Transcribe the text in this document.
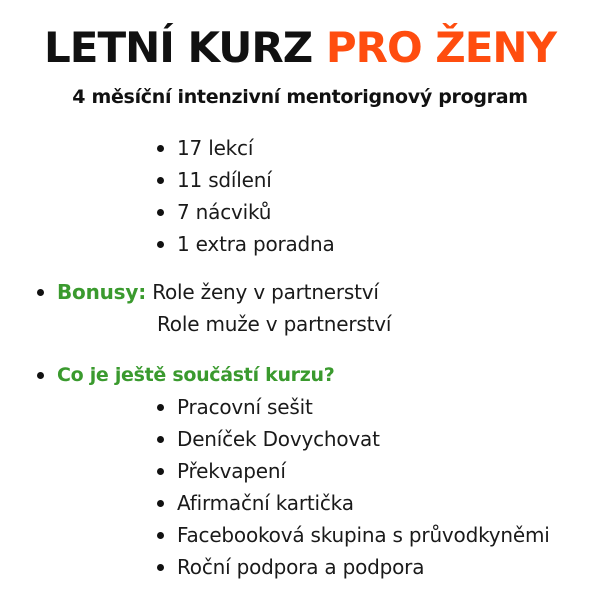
LETNÍ KURZ PRO ŽENY
4 měsíční intenzivní mentorignový program
17 lekcí
11 sdílení
7 nácviků
1 extra poradna
Bonusy: Role ženy v partnerství
Role muže v partnerství
Co je ještě součástí kurzu?
Pracovní sešit
Deníček Dovychovat
Překvapení
Afirmační kartička
Facebooková skupina s průvodkyněmi
Roční podpora a podpora
